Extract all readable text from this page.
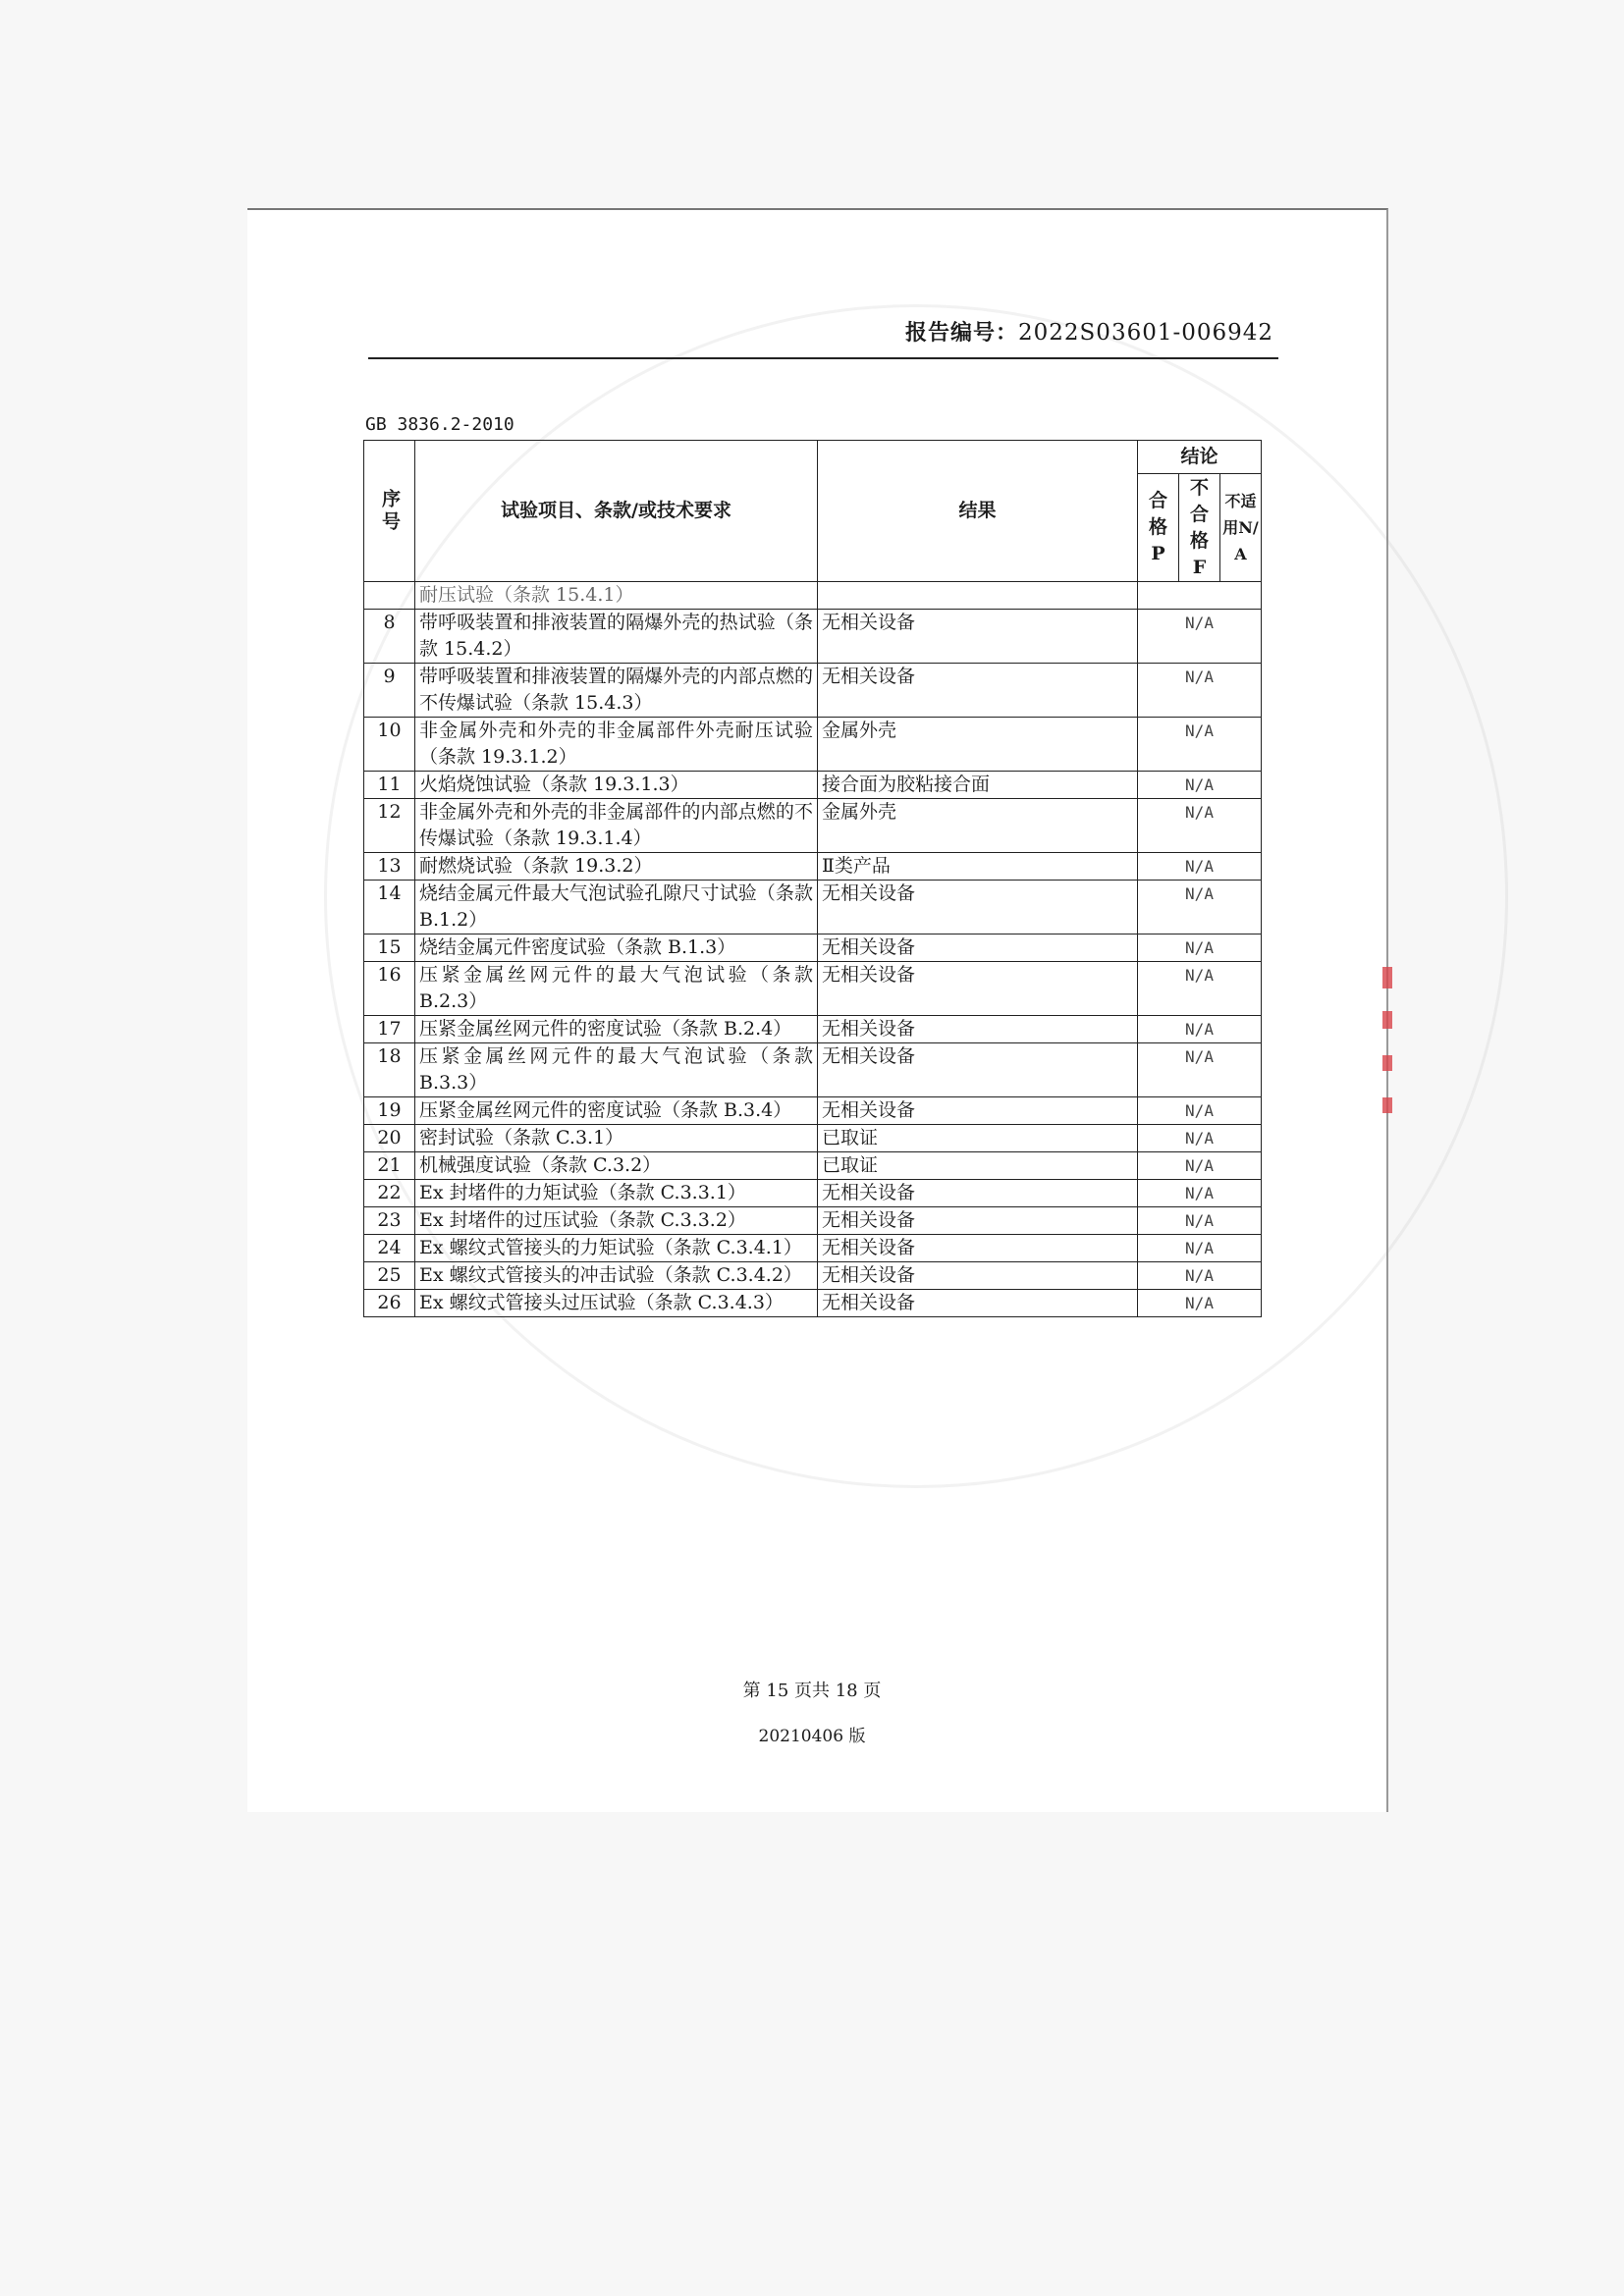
报告编号：2022S03601-006942
GB 3836.2-2010
序号	试验项目、条款/或技术要求	结果	结论		
			合格P	不合格F	不适用N/A
	耐压试验（条款 15.4.1）				
8	带呼吸装置和排液装置的隔爆外壳的热试验（条款 15.4.2）	无相关设备	N/A		
9	带呼吸装置和排液装置的隔爆外壳的内部点燃的不传爆试验（条款 15.4.3）	无相关设备	N/A		
10	非金属外壳和外壳的非金属部件外壳耐压试验（条款 19.3.1.2）	金属外壳	N/A		
11	火焰烧蚀试验（条款 19.3.1.3）	接合面为胶粘接合面	N/A		
12	非金属外壳和外壳的非金属部件的内部点燃的不传爆试验（条款 19.3.1.4）	金属外壳	N/A		
13	耐燃烧试验（条款 19.3.2）	Ⅱ类产品	N/A		
14	烧结金属元件最大气泡试验孔隙尺寸试验（条款 B.1.2）	无相关设备	N/A		
15	烧结金属元件密度试验（条款 B.1.3）	无相关设备	N/A		
16	压紧金属丝网元件的最大气泡试验（条款 B.2.3）	无相关设备	N/A		
17	压紧金属丝网元件的密度试验（条款 B.2.4）	无相关设备	N/A		
18	压紧金属丝网元件的最大气泡试验（条款 B.3.3）	无相关设备	N/A		
19	压紧金属丝网元件的密度试验（条款 B.3.4）	无相关设备	N/A		
20	密封试验（条款 C.3.1）	已取证	N/A		
21	机械强度试验（条款 C.3.2）	已取证	N/A		
22	Ex 封堵件的力矩试验（条款 C.3.3.1）	无相关设备	N/A		
23	Ex 封堵件的过压试验（条款 C.3.3.2）	无相关设备	N/A		
24	Ex 螺纹式管接头的力矩试验（条款 C.3.4.1）	无相关设备	N/A		
25	Ex 螺纹式管接头的冲击试验（条款 C.3.4.2）	无相关设备	N/A		
26	Ex 螺纹式管接头过压试验（条款 C.3.4.3）	无相关设备	N/A		
第 15 页共 18 页
20210406 版
